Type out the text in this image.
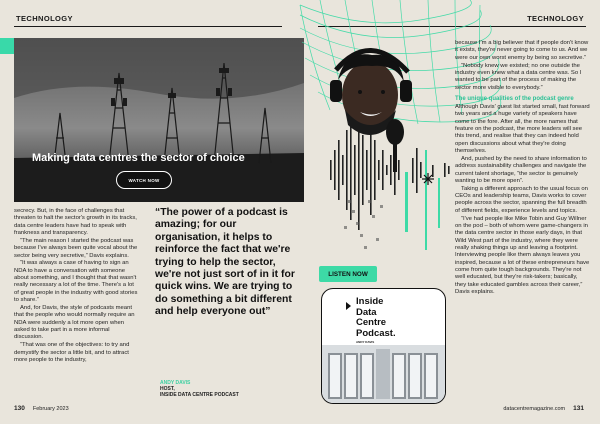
TECHNOLOGY
Making data centres the sector of choice
WATCH NOW

secrecy. But, in the face of challenges that threaten to halt the sector's growth in its tracks, data centre leaders have had to speak with frankness and transparency.

“The main reason I started the podcast was because I've always been quite vocal about the sector being very secretive,” Davis explains.

“It was always a case of having to sign an NDA to have a conversation with someone about something, and I thought that that wasn't really necessary a lot of the time. There's a lot of great people in the industry with good stories to share.”

And, for Davis, the style of podcasts meant that the people who would normally require an NDA were suddenly a lot more open when asked to take part in a more informal discussion.

“That was one of the objectives: to try and demystify the sector a little bit, and to attract more people to the industry,

“The power of a podcast is amazing; for our organisation, it helps to reinforce the fact that we're trying to help the sector, we're not just sort of in it for quick wins. We are trying to do something a bit different and help everyone out”
ANDY DAVIS
HOST,
INSIDE DATA CENTRE PODCAST
130 February 2023
TECHNOLOGY

because I'm a big believer that if people don't know it exists, they're never going to come to us. And we were our own worst enemy by being so secretive.”

“Nobody knew we existed; no one outside the industry even knew what a data centre was. So I wanted to be part of the process of making the sector more visible to everybody.”

The unique qualities of the podcast genre

Although Davis' guest list started small, fast forward two years and a huge variety of speakers have come to the fore. After all, the more names that feature on the podcast, the more leaders will see this trend, and realise that they can indeed hold open discussions about what they're doing themselves.

And, pushed by the need to share information to address sustainability challenges and navigate the current talent shortage, “the sector is genuinely wanting to be more open”.

Taking a different approach to the usual focus on CEOs and leadership teams, Davis works to cover people across the sector, spanning the full breadth of different fields, experience levels and topics.

“I've had people like Mike Tobin and Guy Willner on the pod – both of whom were game-changers in the data centre sector in those early days, in that Wild West part of the industry, where they were really shaking things up and leaving a footprint. Interviewing people like them always leaves you inspired, because a lot of these entrepreneurs have come from quite tough backgrounds. They're not well educated, but they're risk-takers; basically, they take educated gambles across their career,” Davis explains.

LISTEN NOW
Inside
Data
Centre
Podcast.
ANDY DAVIS
datacentremagazine.com 131
